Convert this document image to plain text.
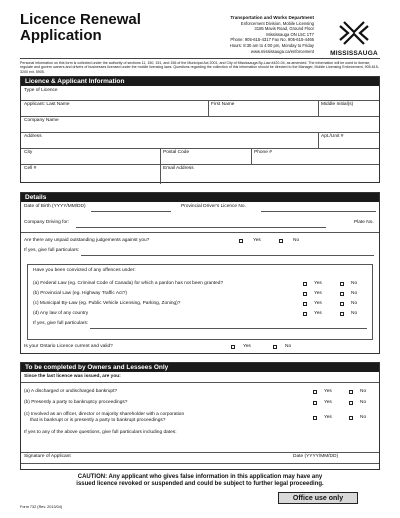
Licence Renewal
Application
Transportation and Works Department
Enforcement Division, Mobile Licensing
3185 Mavis Road, Ground Floor
Mississauga ON L5C 1T7
Phone: 905-615-4317 Fax No. 905-615-4466
Hours: 8:30 am to 4:00 pm, Monday to Friday
www.mississauga.ca/enforcement	MISSISSAUGA
Personal information on this form is collected under the authority of sections 11, 150, 151, and 156 of the Municipal Act 2001, and City of Mississauga By-Law #420-04, as amended. The information will be used to license, regulate and govern owners and drivers of businesses licensed under the mobile licensing laws. Questions regarding the collection of this information should be directed to the Manager, Mobile Licensing Enforcement, 905-615-3200 ext. 5905.
Licence & Applicant Information
Type of Licence
Applicant: Last Name	First Name	Middle Initial(s)
Company Name
Address	Apt./Unit #
City	Postal Code	Phone #
Cell #	Email Address
Details
Date of Birth (YYYY/MM/DD)	Provincial Driver's Licence No.
Company Driving for:	Plate No.
Are there any unpaid outstanding judgements against you?	Yes	No
If yes, give full particulars:
Have you been convicted of any offences under:
(a) Federal Law (eg. Criminal Code of Canada) for which a pardon has not been granted?	Yes	No
(b) Provincial Law (eg. Highway Traffic Act?)	Yes	No
(c) Municipal By-Law (eg. Public Vehicle Licensing, Parking, Zoning)?	Yes	No
(d) Any law of any country	Yes	No
If yes, give full particulars:
Is your Ontario Licence current and valid?	Yes	No
To be completed by Owners and Lessees Only
Since the last licence was issued, are you:
(a) A discharged or undischarged bankrupt?	Yes	No
(b) Presently a party to bankruptcy proceedings?	Yes	No
(c) Involved as an officer, director or majority shareholder with a corporation
that is bankrupt or is presently a party to bankrupt proceedings?
Yes	No
If yes to any of the above questions, give full particulars including dates:
Signature of Applicant	Date (YYYY/MM/DD)
CAUTION: Any applicant who gives false information in this application may have any
issued licence revoked or suspended and could be subject to further legal proceeding.
Office use only
Form 732 (Rev. 2013/04)
